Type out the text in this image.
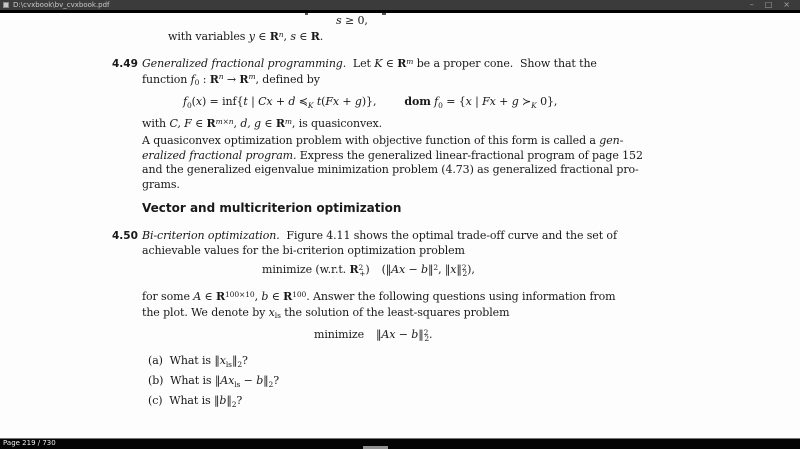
D:\cvxbook\bv_cvxbook.pdf	– □ ×
s ≥ 0,
with variables y ∈ $R^n$, s ∈ R.
4.49 Generalized fractional programming.  Let K ∈ $R^m$ be a proper cone.  Show that the
function $f_0$ : $R^n \to R^m$, defined by
$f_0(x) = inf\{t$ | Cx + d $≼_K$ t(Fx + g)},	dom $f_0 = \{x$ | Fx + g $≻_K$ 0},
with C, F ∈ $R^{m\times n}$, d, g ∈ $R^m$, is quasiconvex.
A quasiconvex optimization problem with objective function of this form is called a gen-
eralized fractional program. Express the generalized linear-fractional program of page 152
and the generalized eigenvalue minimization problem (4.73) as generalized fractional pro-
grams.
Vector and multicriterion optimization
4.50 Bi-criterion optimization.  Figure 4.11 shows the optimal trade-off curve and the set of
achievable values for the bi-criterion optimization problem
minimize (w.r.t. $R^2_+$) (‖Ax − b‖$^2$, ‖x‖$^2_2$),
for some A ∈ $R^{100\times 10}$, b ∈ $R^{100}$. Answer the following questions using information from
the plot. We denote by $x_{ls}$ the solution of the least-squares problem
minimize ‖Ax − b‖$^2_2$.
(a)  What is $‖x_{ls}‖_2$?
(b)  What is $‖Ax_{ls}$ − $b‖_2$?
(c)  What is $‖b‖_2$?
Page 219 / 730
